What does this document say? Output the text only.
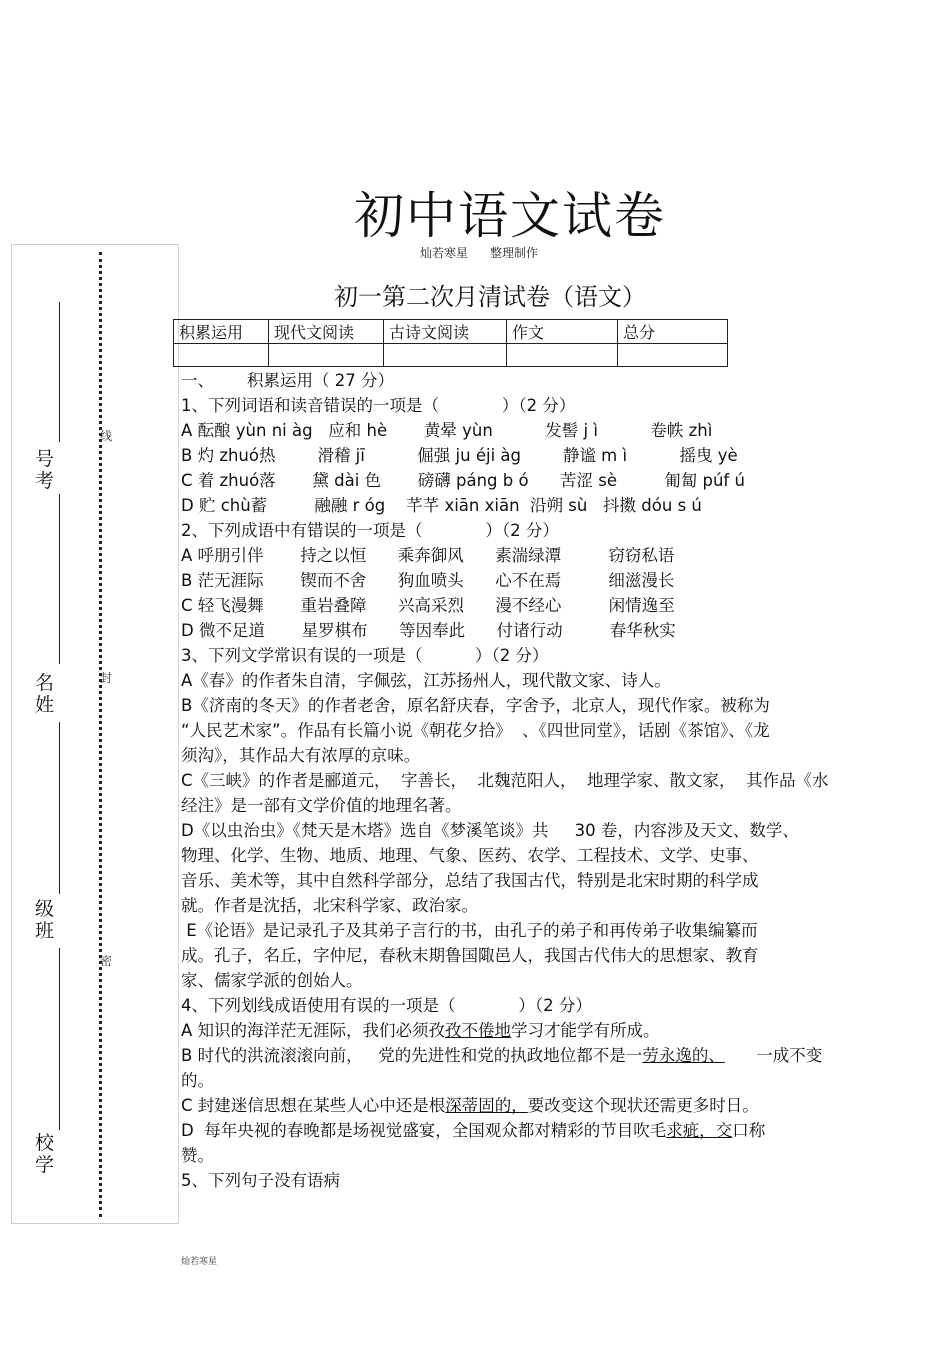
号考
名姓
级班
校学
线
封
密
初中语文试卷
灿若寒星 整理制作
初一第二次月清试卷（语文）
积累运用	现代文阅读	古诗文阅读	作文	总分

一、 积累运用（ 27 分）
1、下列词语和读音错误的一项是（            ）（2 分）
A 酝酿 yùn ni àg   应和 hè       黄晕 yùn          发髻 j ì          卷帙 zhì
B 灼 zhuó热        滑稽 jī          倔强 ju éji àg        静谧 m ì          摇曳 yè
C 着 zhuó落       黛 dài 色       磅礴 páng b ó      苦涩 sè         匍匐 púf ú
D 贮 chù蓄         融融 r óg    芊芊 xiān xiān  沿朔 sù   抖擞 dóu s ú
2、下列成语中有错误的一项是（            ）（2 分）
A 呼朋引伴       持之以恒      乘奔御风      素湍绿潭         窃窃私语
B 茫无涯际       锲而不舍      狗血喷头      心不在焉         细滋漫长
C 轻飞漫舞       重岩叠障      兴高采烈      漫不经心         闲情逸至
D 微不足道       星罗棋布      等因奉此      付诸行动         春华秋实
3、下列文学常识有误的一项是（          ）（2 分）
A《春》的作者朱自清，字佩弦，江苏扬州人，现代散文家、诗人。
B《济南的冬天》的作者老舍，原名舒庆春，字舍予，北京人，现代作家。被称为
“人民艺术家”。作品有长篇小说《朝花夕拾》  、《四世同堂》，话剧《茶馆》、《龙
须沟》，其作品大有浓厚的京味。
C《三峡》的作者是郦道元，  字善长，  北魏范阳人，  地理学家、散文家，  其作品《水
经注》是一部有文学价值的地理名著。
D《以虫治虫》《梵天是木塔》选自《梦溪笔谈》共     30 卷，内容涉及天文、数学、
物理、化学、生物、地质、地理、气象、医药、农学、工程技术、文学、史事、
音乐、美术等，其中自然科学部分，总结了我国古代，特别是北宋时期的科学成
就。作者是沈括，北宋科学家、政治家。
E《论语》是记录孔子及其弟子言行的书，由孔子的弟子和再传弟子收集编纂而
成。孔子，名丘，字仲尼，春秋末期鲁国陬邑人，我国古代伟大的思想家、教育
家、儒家学派的创始人。
4、下列划线成语使用有误的一项是（            ）（2 分）
A 知识的海洋茫无涯际，我们必须孜孜不倦地学习才能学有所成。
B 时代的洪流滚滚向前，   党的先进性和党的执政地位都不是一劳永逸的、      一成不变
的。
C 封建迷信思想在某些人心中还是根深蒂固的，要改变这个现状还需更多时日。
D  每年央视的春晚都是场视觉盛宴，全国观众都对精彩的节目吹毛求疵，交口称
赞。
5、下列句子没有语病
灿若寒星
